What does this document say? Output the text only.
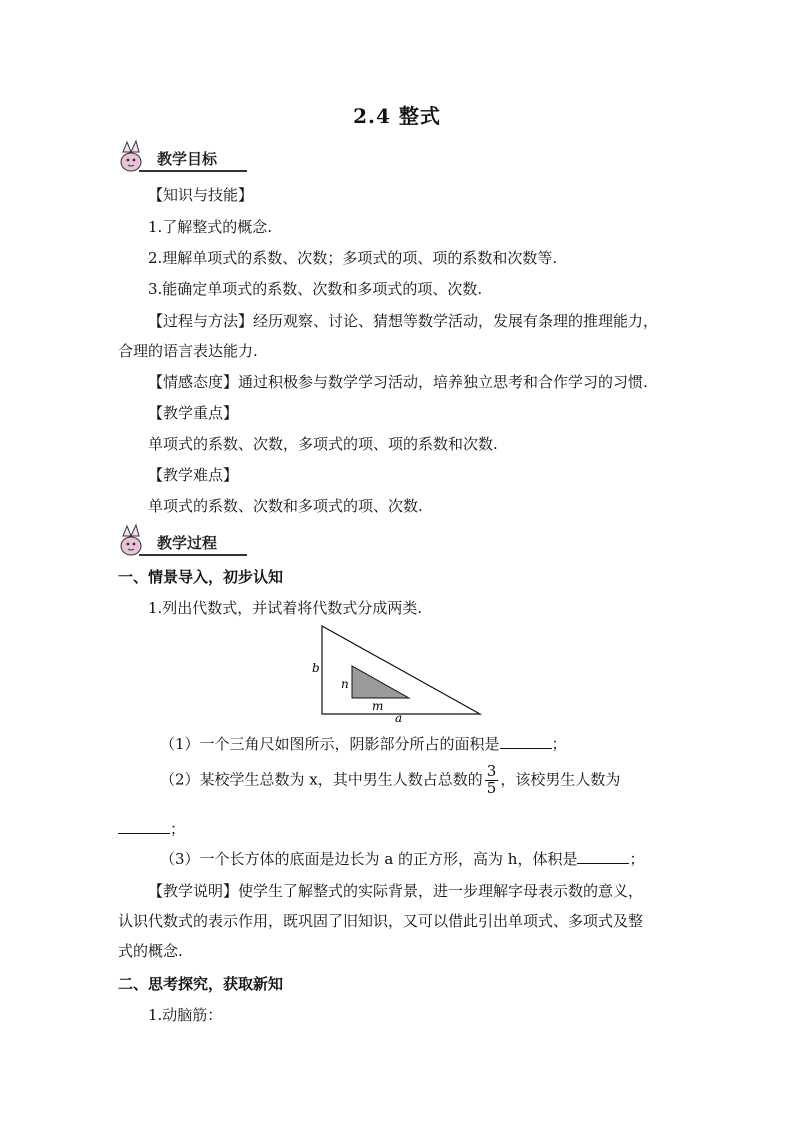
2.4 整式
教学目标
【知识与技能】
1.了解整式的概念.
2.理解单项式的系数、次数；多项式的项、项的系数和次数等.
3.能确定单项式的系数、次数和多项式的项、次数.
【过程与方法】经历观察、讨论、猜想等数学活动，发展有条理的推理能力，
合理的语言表达能力.
【情感态度】通过积极参与数学学习活动，培养独立思考和合作学习的习惯.
【教学重点】
单项式的系数、次数，多项式的项、项的系数和次数.
【教学难点】
单项式的系数、次数和多项式的项、次数.
教学过程
一、情景导入，初步认知
1.列出代数式，并试着将代数式分成两类.
b
n
m
a
（1）一个三角尺如图所示，阴影部分所占的面积是	；
（2）某校学生总数为 x，其中男生人数占总数的 $\frac{3}{5}$ ，该校男生人数为
；
（3）一个长方体的底面是边长为 a 的正方形，高为 h，体积是	；
【教学说明】使学生了解整式的实际背景，进一步理解字母表示数的意义，
认识代数式的表示作用，既巩固了旧知识，又可以借此引出单项式、多项式及整
式的概念.
二、思考探究，获取新知
1.动脑筋：
